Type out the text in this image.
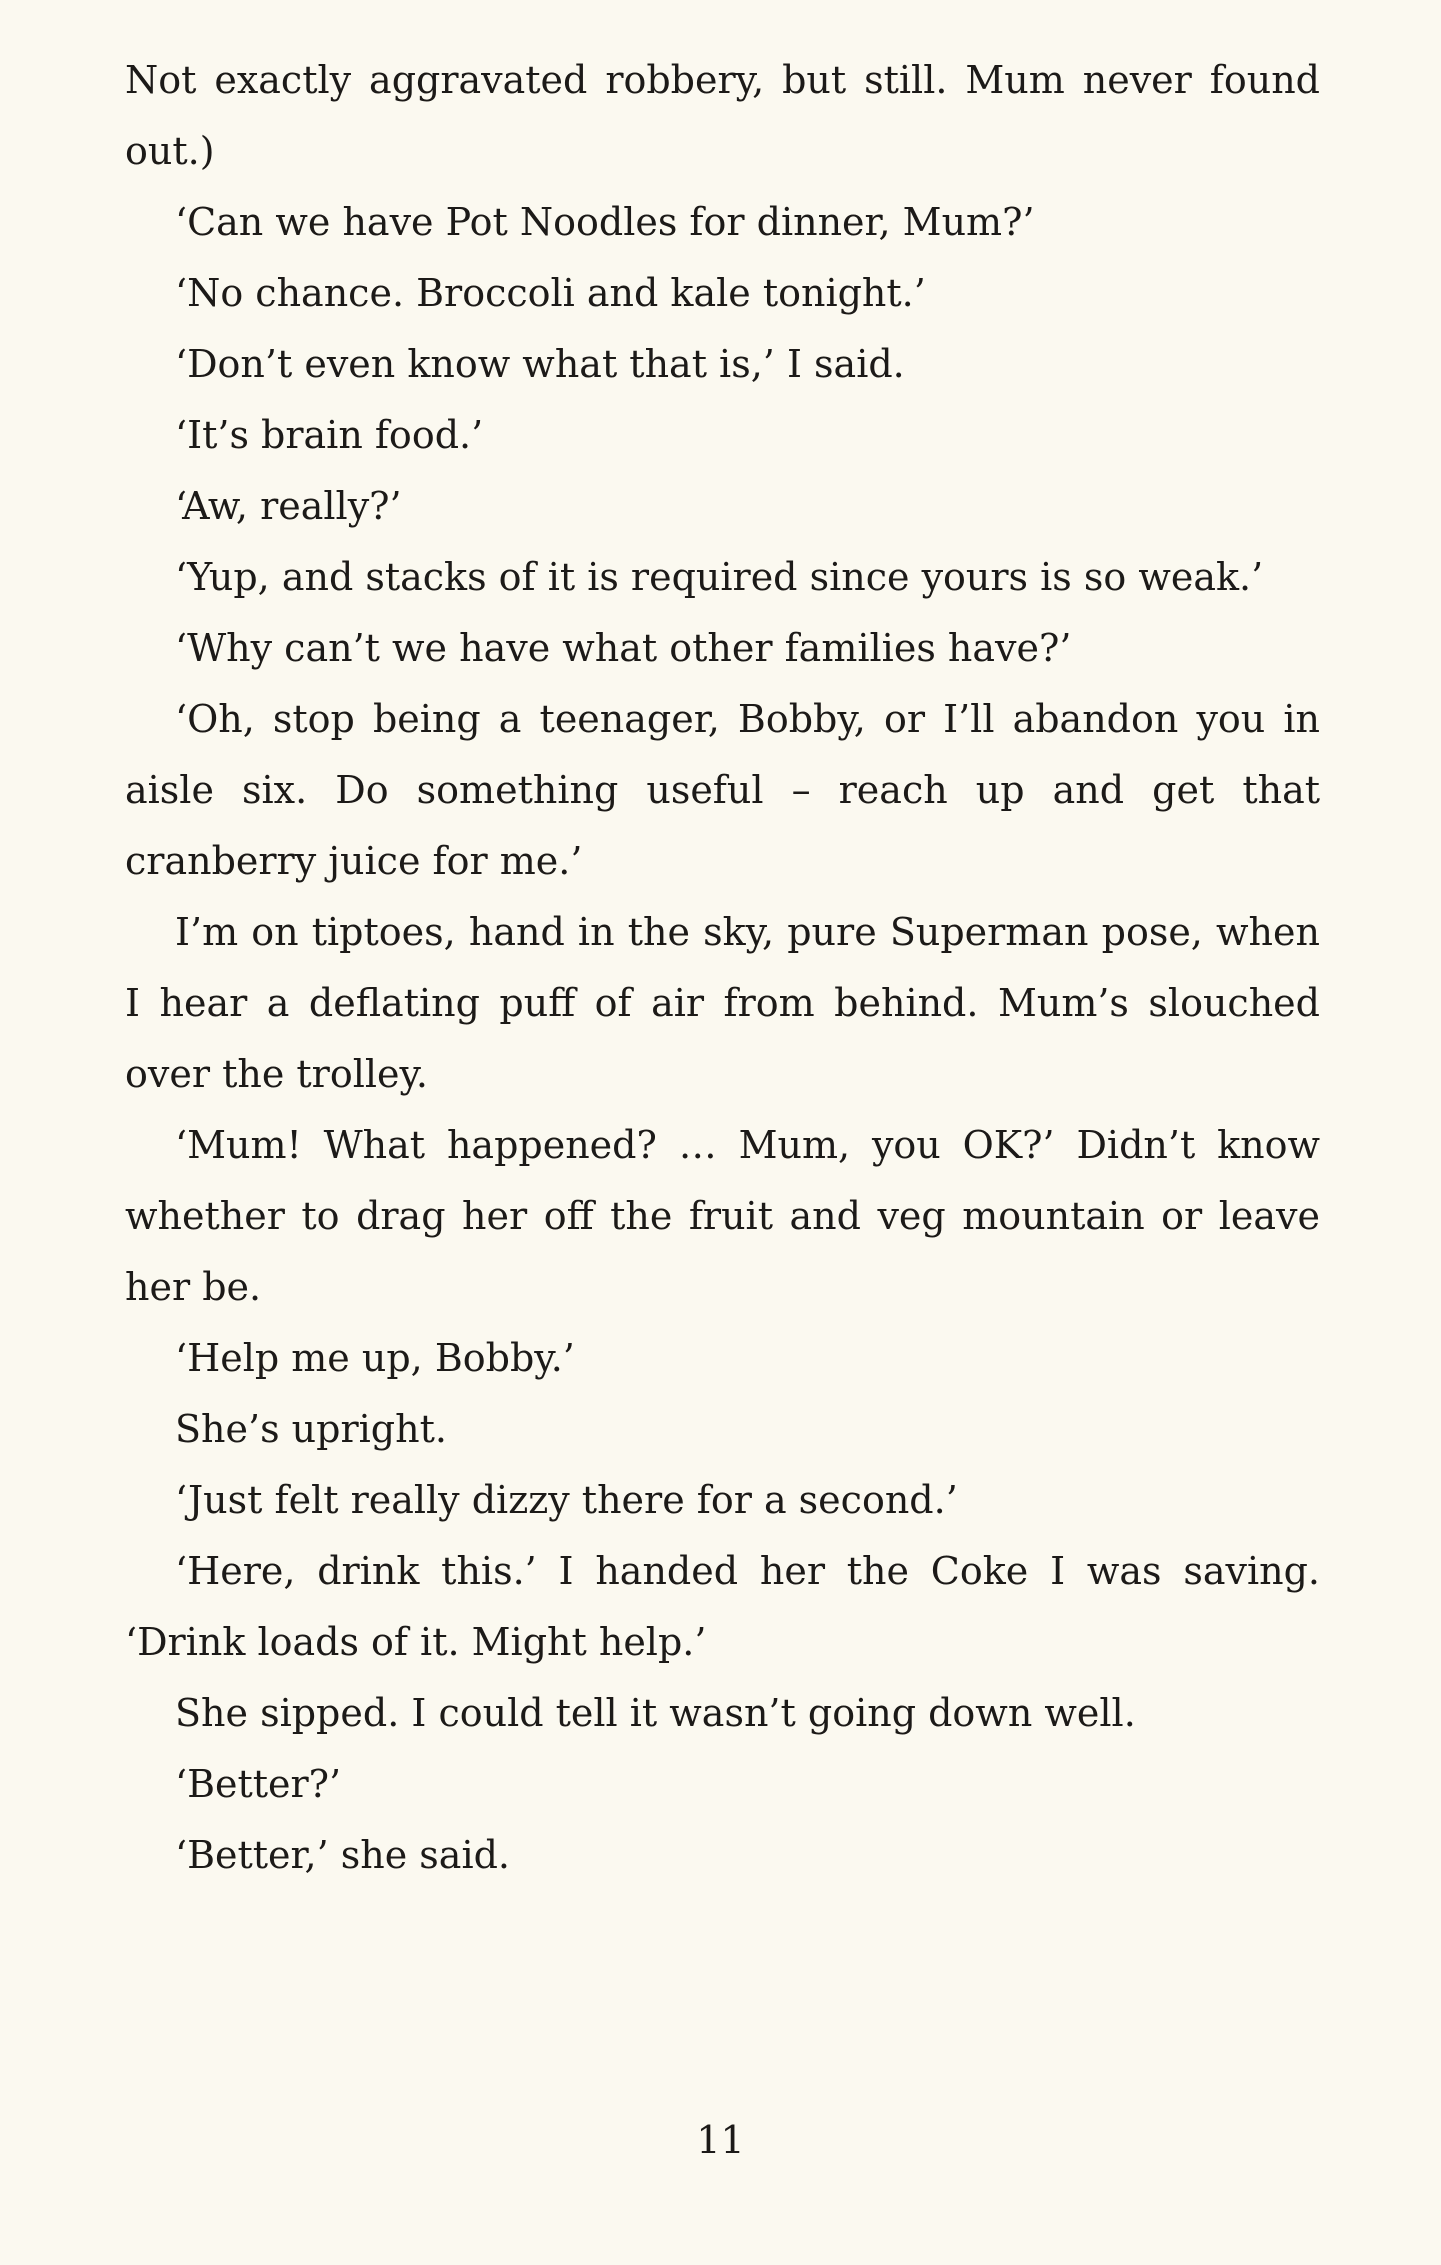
Not exactly aggravated robbery, but still. Mum never found out.)

‘Can we have Pot Noodles for dinner, Mum?’

‘No chance. Broccoli and kale tonight.’

‘Don’t even know what that is,’ I said.

‘It’s brain food.’

‘Aw, really?’

‘Yup, and stacks of it is required since yours is so weak.’

‘Why can’t we have what other families have?’

‘Oh, stop being a teenager, Bobby, or I’ll abandon you in aisle six. Do something useful – reach up and get that cranberry juice for me.’

I’m on tiptoes, hand in the sky, pure Superman pose, when I hear a deflating puff of air from behind. Mum’s slouched over the trolley.

‘Mum! What happened? … Mum, you OK?’ Didn’t know whether to drag her off the fruit and veg mountain or leave her be.

‘Help me up, Bobby.’

She’s upright.

‘Just felt really dizzy there for a second.’

‘Here, drink this.’ I handed her the Coke I was saving. ‘Drink loads of it. Might help.’

She sipped. I could tell it wasn’t going down well.

‘Better?’

‘Better,’ she said.

11
